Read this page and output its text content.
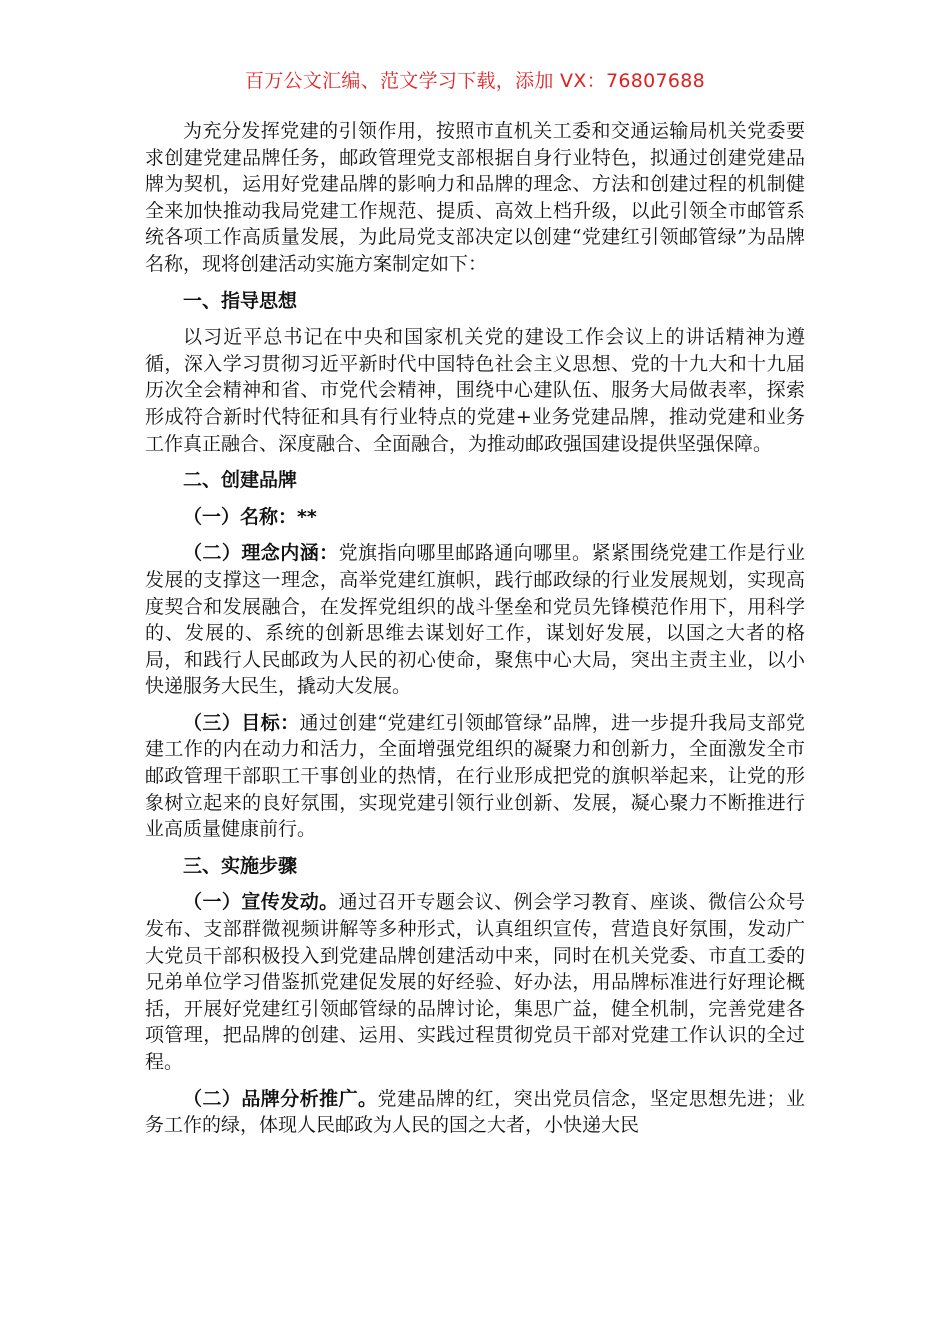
百万公文汇编、范文学习下载，添加 VX：76807688

为充分发挥党建的引领作用，按照市直机关工委和交通运输局机关党委要求创建党建品牌任务，邮政管理党支部根据自身行业特色，拟通过创建党建品牌为契机，运用好党建品牌的影响力和品牌的理念、方法和创建过程的机制健全来加快推动我局党建工作规范、提质、高效上档升级，以此引领全市邮管系统各项工作高质量发展，为此局党支部决定以创建“党建红引领邮管绿”为品牌名称，现将创建活动实施方案制定如下：

一、指导思想

以习近平总书记在中央和国家机关党的建设工作会议上的讲话精神为遵循，深入学习贯彻习近平新时代中国特色社会主义思想、党的十九大和十九届历次全会精神和省、市党代会精神，围绕中心建队伍、服务大局做表率，探索形成符合新时代特征和具有行业特点的党建+业务党建品牌，推动党建和业务工作真正融合、深度融合、全面融合，为推动邮政强国建设提供坚强保障。

二、创建品牌

（一）名称：**

（二）理念内涵：党旗指向哪里邮路通向哪里。紧紧围绕党建工作是行业发展的支撑这一理念，高举党建红旗帜，践行邮政绿的行业发展规划，实现高度契合和发展融合，在发挥党组织的战斗堡垒和党员先锋模范作用下，用科学的、发展的、系统的创新思维去谋划好工作，谋划好发展，以国之大者的格局，和践行人民邮政为人民的初心使命，聚焦中心大局，突出主责主业，以小快递服务大民生，撬动大发展。

（三）目标：通过创建“党建红引领邮管绿”品牌，进一步提升我局支部党建工作的内在动力和活力，全面增强党组织的凝聚力和创新力，全面激发全市邮政管理干部职工干事创业的热情，在行业形成把党的旗帜举起来，让党的形象树立起来的良好氛围，实现党建引领行业创新、发展，凝心聚力不断推进行业高质量健康前行。

三、实施步骤

（一）宣传发动。通过召开专题会议、例会学习教育、座谈、微信公众号发布、支部群微视频讲解等多种形式，认真组织宣传，营造良好氛围，发动广大党员干部积极投入到党建品牌创建活动中来，同时在机关党委、市直工委的兄弟单位学习借鉴抓党建促发展的好经验、好办法，用品牌标准进行好理论概括，开展好党建红引领邮管绿的品牌讨论，集思广益，健全机制，完善党建各项管理，把品牌的创建、运用、实践过程贯彻党员干部对党建工作认识的全过程。

（二）品牌分析推广。党建品牌的红，突出党员信念，坚定思想先进；业务工作的绿，体现人民邮政为人民的国之大者，小快递大民
